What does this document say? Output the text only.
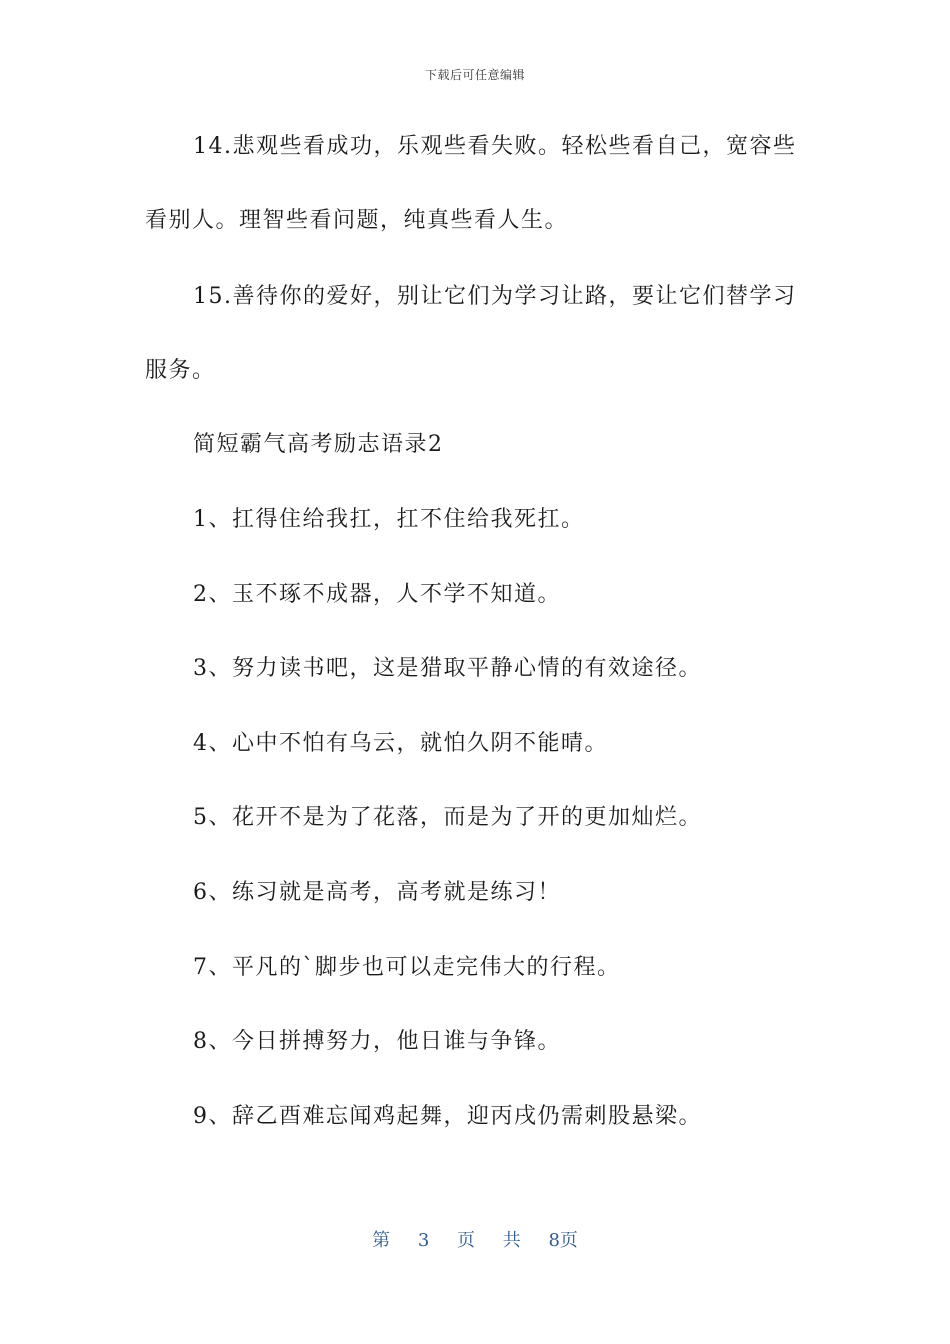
下载后可任意编辑
14.悲观些看成功，乐观些看失败。轻松些看自己，宽容些
看别人。理智些看问题，纯真些看人生。
15.善待你的爱好，别让它们为学习让路，要让它们替学习
服务。
简短霸气高考励志语录2
1、扛得住给我扛，扛不住给我死扛。
2、玉不琢不成器，人不学不知道。
3、努力读书吧，这是猎取平静心情的有效途径。
4、心中不怕有乌云，就怕久阴不能晴。
5、花开不是为了花落，而是为了开的更加灿烂。
6、练习就是高考，高考就是练习！
7、平凡的`脚步也可以走完伟大的行程。
8、今日拼搏努力，他日谁与争锋。
9、辞乙酉难忘闻鸡起舞，迎丙戌仍需刺股悬梁。
第 3 页 共 8页
